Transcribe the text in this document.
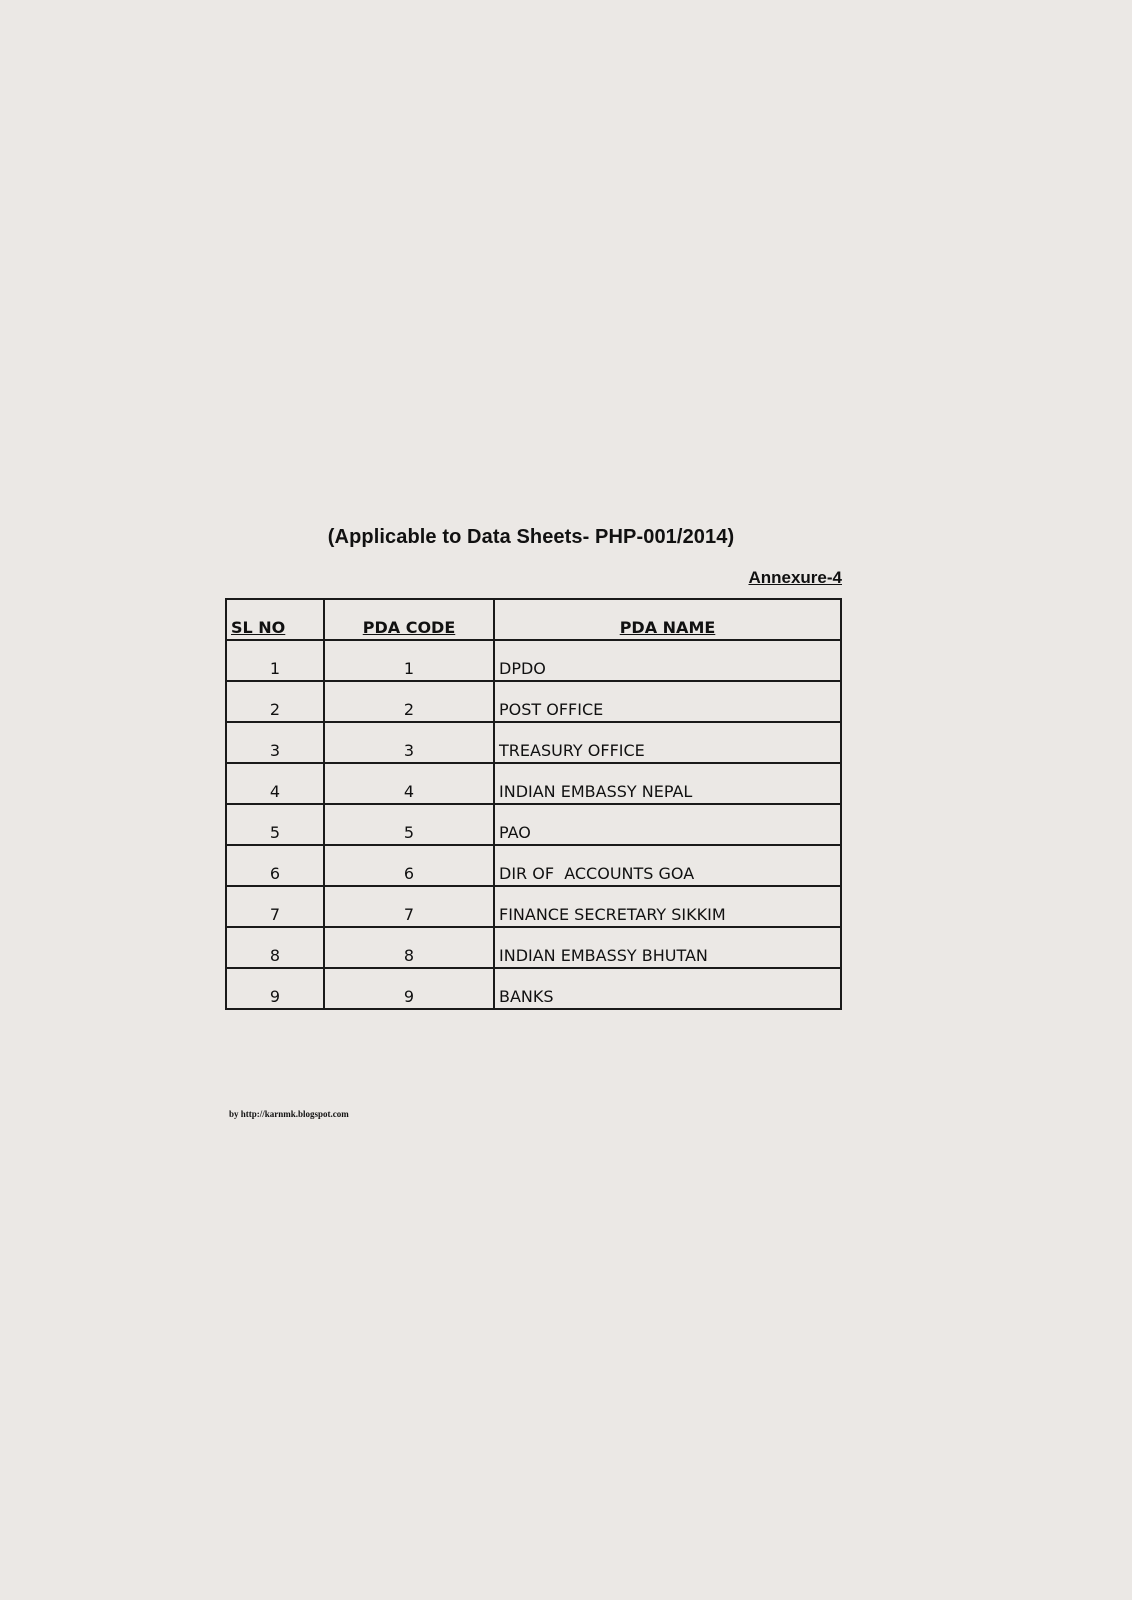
(Applicable to Data Sheets- PHP-001/2014)
Annexure-4
SL NO	PDA CODE	PDA NAME
1	1	DPDO
2	2	POST OFFICE
3	3	TREASURY OFFICE
4	4	INDIAN EMBASSY NEPAL
5	5	PAO
6	6	DIR OF  ACCOUNTS GOA
7	7	FINANCE SECRETARY SIKKIM
8	8	INDIAN EMBASSY BHUTAN
9	9	BANKS
by http://karnmk.blogspot.com
